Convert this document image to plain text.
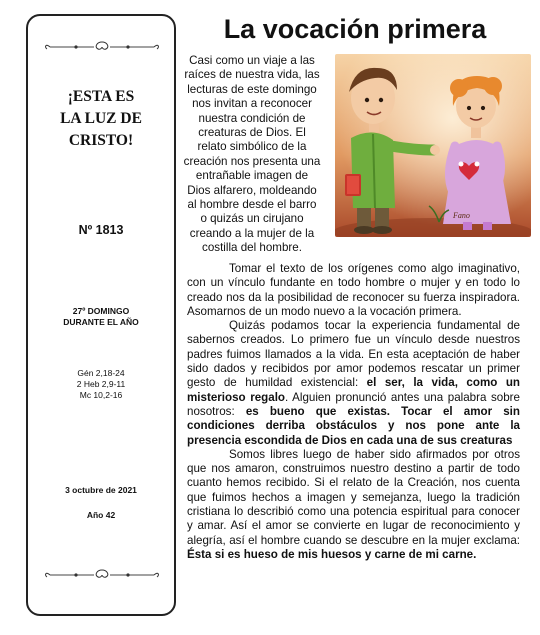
¡ESTA ES
LA LUZ DE
CRISTO!
Nº 1813
27º DOMINGO
DURANTE EL AÑO
Gén 2,18-24
2 Heb 2,9-11
Mc 10,2-16
3 octubre de 2021
Año 42
La vocación primera
Casi como un viaje a las
raíces de nuestra vida, las
lecturas de este domingo
nos invitan a reconocer
nuestra condición de
creaturas de Dios. El
relato simbólico de la
creación nos presenta una
entrañable imagen de
Dios alfarero, moldeando
al hombre desde el barro
o quizás un cirujano
creando a la mujer de la
costilla del hombre.
Fano

Tomar el texto de los orígenes como algo imaginativo, con un vínculo fundante en todo hombre o mujer y en todo lo creado nos da la posibilidad de reconocer su fuerza inspiradora. Asomarnos de un modo nuevo a la vocación primera.

Quizás podamos tocar la experiencia fundamental de sabernos creados. Lo primero fue un vínculo desde nuestros padres fuimos llamados a la vida. En esta aceptación de haber sido dados y recibidos por amor podemos rescatar un primer gesto de humildad existencial: el ser, la vida, como un misterioso regalo. Alguien pronunció antes una palabra sobre nosotros: es bueno que existas. Tocar el amor sin condiciones derriba obstáculos y nos pone ante la presencia escondida de Dios en cada una de sus creaturas

Somos libres luego de haber sido afirmados por otros que nos amaron, construimos nuestro destino a partir de todo cuanto hemos recibido. Si el relato de la Creación, nos cuenta que fuimos hechos a imagen y semejanza, luego la tradición cristiana lo describió como una potencia espiritual para conocer y amar. Así el amor se convierte en lugar de reconocimiento y alegría, así el hombre cuando se descubre en la mujer exclama: Ésta si es hueso de mis huesos y carne de mi carne.
